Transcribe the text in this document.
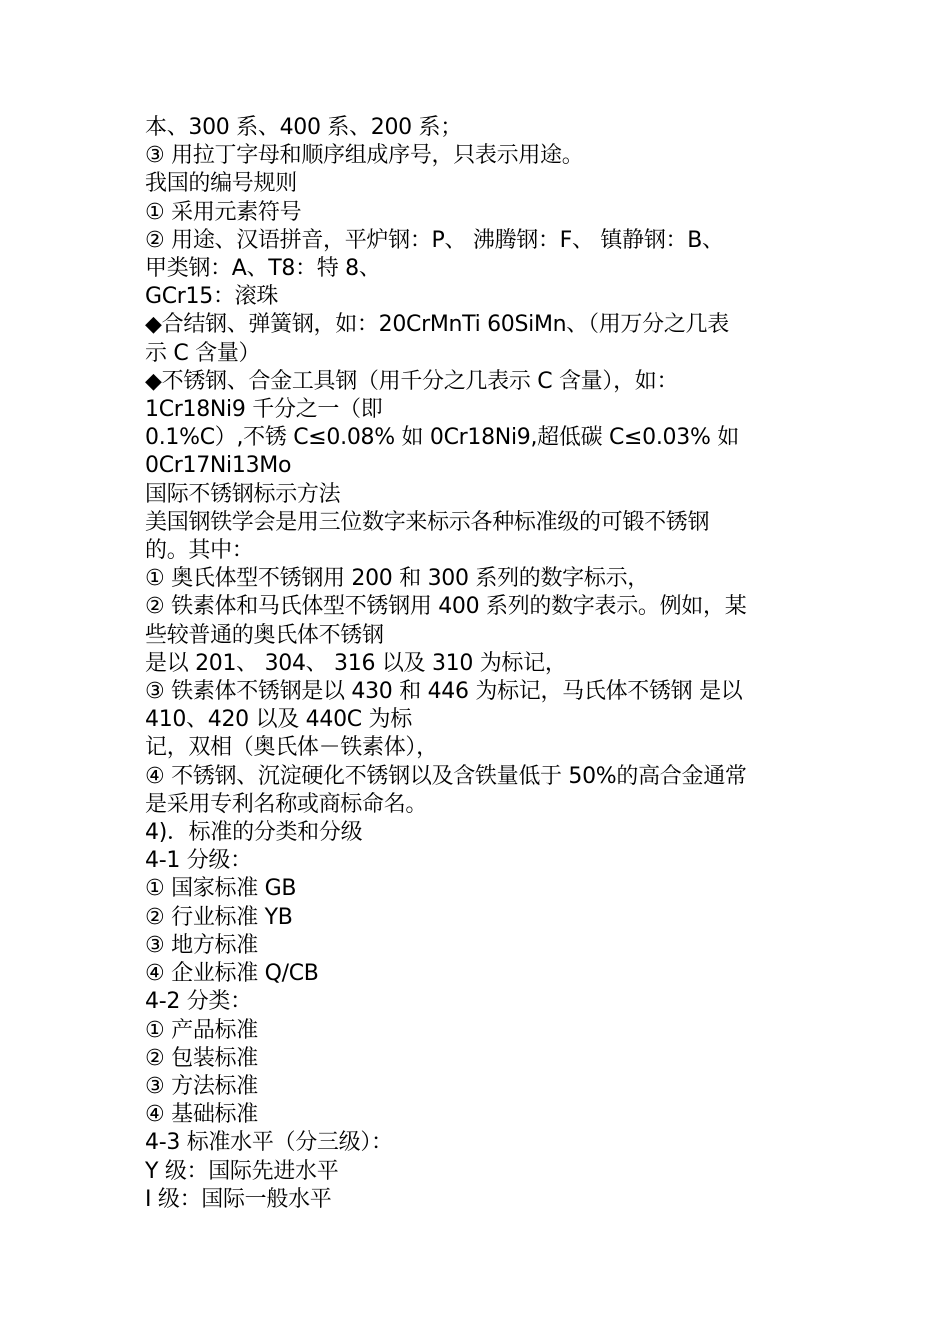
本、300 系、400 系、200 系；

③ 用拉丁字母和顺序组成序号，只表示用途。

我国的编号规则

① 采用元素符号

② 用途、汉语拼音，平炉钢：P、 沸腾钢：F、 镇静钢：B、

甲类钢：A、T8：特 8、

GCr15：滚珠

◆合结钢、弹簧钢，如：20CrMnTi 60SiMn、（用万分之几表

示 C 含量）

◆不锈钢、合金工具钢（用千分之几表示 C 含量），如：

1Cr18Ni9 千分之一（即

0.1%C）,不锈 C≤0.08% 如 0Cr18Ni9,超低碳 C≤0.03% 如

0Cr17Ni13Mo

国际不锈钢标示方法

美国钢铁学会是用三位数字来标示各种标准级的可锻不锈钢

的。其中：

① 奥氏体型不锈钢用 200 和 300 系列的数字标示，

② 铁素体和马氏体型不锈钢用 400 系列的数字表示。例如，某

些较普通的奥氏体不锈钢

是以 201、 304、 316 以及 310 为标记，

③ 铁素体不锈钢是以 430 和 446 为标记，马氏体不锈钢 是以

410、420 以及 440C 为标

记，双相（奥氏体－铁素体），

④ 不锈钢、沉淀硬化不锈钢以及含铁量低于 50%的高合金通常

是采用专利名称或商标命名。

4)．标准的分类和分级

4-1 分级：

① 国家标准 GB

② 行业标准 YB

③ 地方标准

④ 企业标准 Q/CB

4-2 分类：

① 产品标准

② 包装标准

③ 方法标准

④ 基础标准

4-3 标准水平（分三级）：

Y 级：国际先进水平

I 级：国际一般水平
